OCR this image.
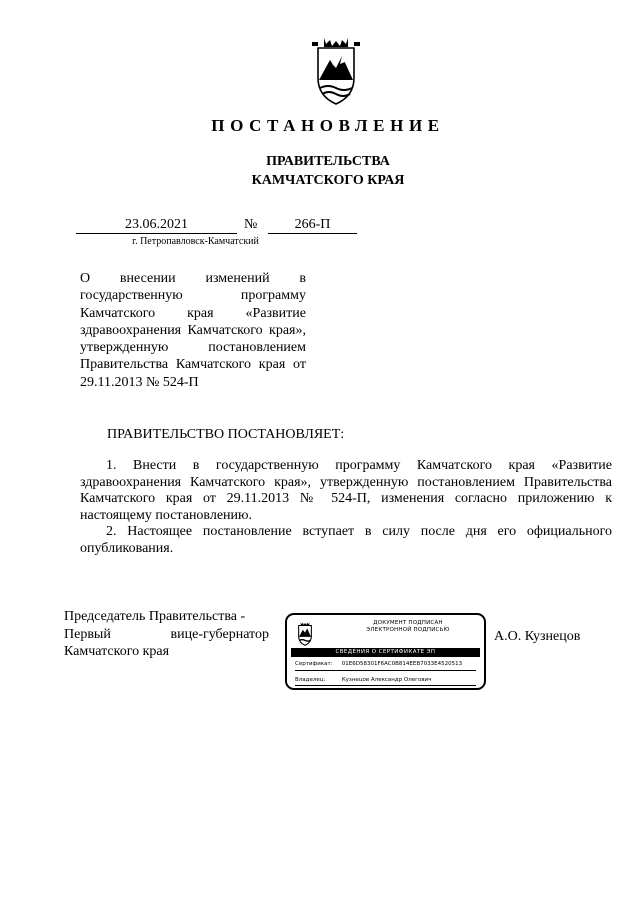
ПОСТАНОВЛЕНИЕ
ПРАВИТЕЛЬСТВА
КАМЧАТСКОГО КРАЯ
23.06.2021	№	266-П
г. Петропавловск-Камчатский

О внесении изменений в государственную программу Камчатского края «Развитие здравоохранения Камчатского края», утвержденную постановлением Правительства Камчатского края от 29.11.2013 № 524-П

ПРАВИТЕЛЬСТВО ПОСТАНОВЛЯЕТ:

1. Внести в государственную программу Камчатского края «Развитие здравоохранения Камчатского края», утвержденную постановлением Правительства Камчатского края от 29.11.2013 № 524-П, изменения согласно приложению к настоящему постановлению.

2. Настоящее постановление вступает в силу после дня его официального опубликования.

Председатель Правительства -
Первый	вице-губернатор
Камчатского края
ДОКУМЕНТ ПОДПИСАН
ЭЛЕКТРОННОЙ ПОДПИСЬЮ
СВЕДЕНИЯ О СЕРТИФИКАТЕ ЭП
Сертификат: 01E6D58301F6AC0B814EEB7033E4520513
Владелец:	Кузнецов Александр Олегович
А.О. Кузнецов
